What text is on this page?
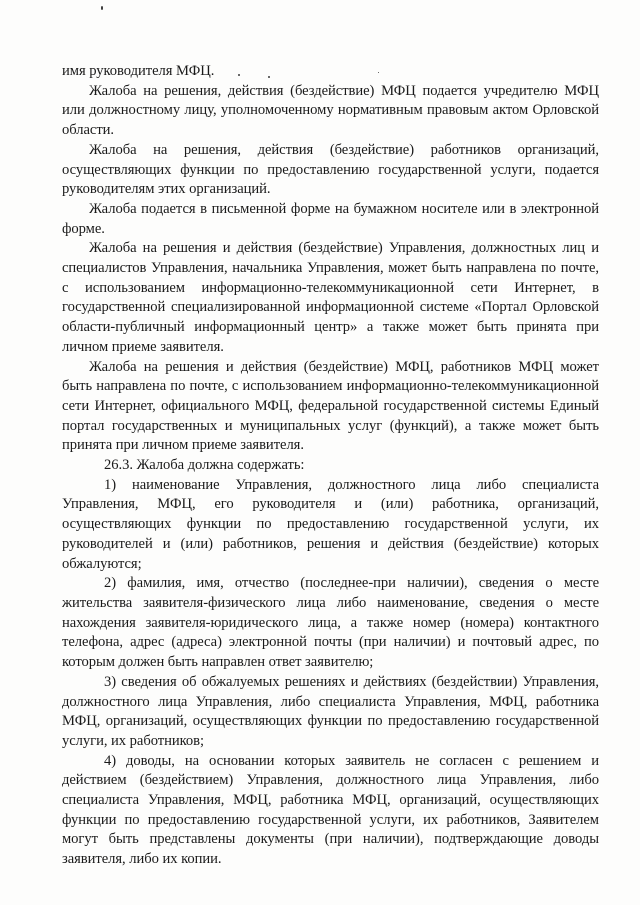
имя руководителя МФЦ.

Жалоба на решения, действия (бездействие) МФЦ подается учредителю МФЦ или должностному лицу, уполномоченному нормативным правовым актом Орловской области.

Жалоба на решения, действия (бездействие) работников организаций, осуществляющих функции по предоставлению государственной услуги, подается руководителям этих организаций.

Жалоба подается в письменной форме на бумажном носителе или в электронной форме.

Жалоба на решения и действия (бездействие) Управления, должностных лиц и специалистов Управления, начальника Управления, может быть направлена по почте, с использованием информационно-телекоммуникационной сети Интернет, в государственной специализированной информационной системе «Портал Орловской области-публичный информационный центр» а также может быть принята при личном приеме заявителя.

Жалоба на решения и действия (бездействие) МФЦ, работников МФЦ может быть направлена по почте, с использованием информационно-телекоммуникационной сети Интернет, официального МФЦ, федеральной государственной системы Единый портал государственных и муниципальных услуг (функций), а также может быть принята при личном приеме заявителя.

26.3. Жалоба должна содержать:

1) наименование Управления, должностного лица либо специалиста Управления, МФЦ, его руководителя и (или) работника, организаций, осуществляющих функции по предоставлению государственной услуги, их руководителей и (или) работников, решения и действия (бездействие) которых обжалуются;

2) фамилия, имя, отчество (последнее-при наличии), сведения о месте жительства заявителя-физического лица либо наименование, сведения о месте нахождения заявителя-юридического лица, а также номер (номера) контактного телефона, адрес (адреса) электронной почты (при наличии) и почтовый адрес, по которым должен быть направлен ответ заявителю;

3) сведения об обжалуемых решениях и действиях (бездействии) Управления, должностного лица Управления, либо специалиста Управления, МФЦ, работника МФЦ, организаций, осуществляющих функции по предоставлению государственной услуги, их работников;

4) доводы, на основании которых заявитель не согласен с решением и действием (бездействием) Управления, должностного лица Управления, либо специалиста Управления, МФЦ, работника МФЦ, организаций, осуществляющих функции по предоставлению государственной услуги, их работников, Заявителем могут быть представлены документы (при наличии), подтверждающие доводы заявителя, либо их копии.
